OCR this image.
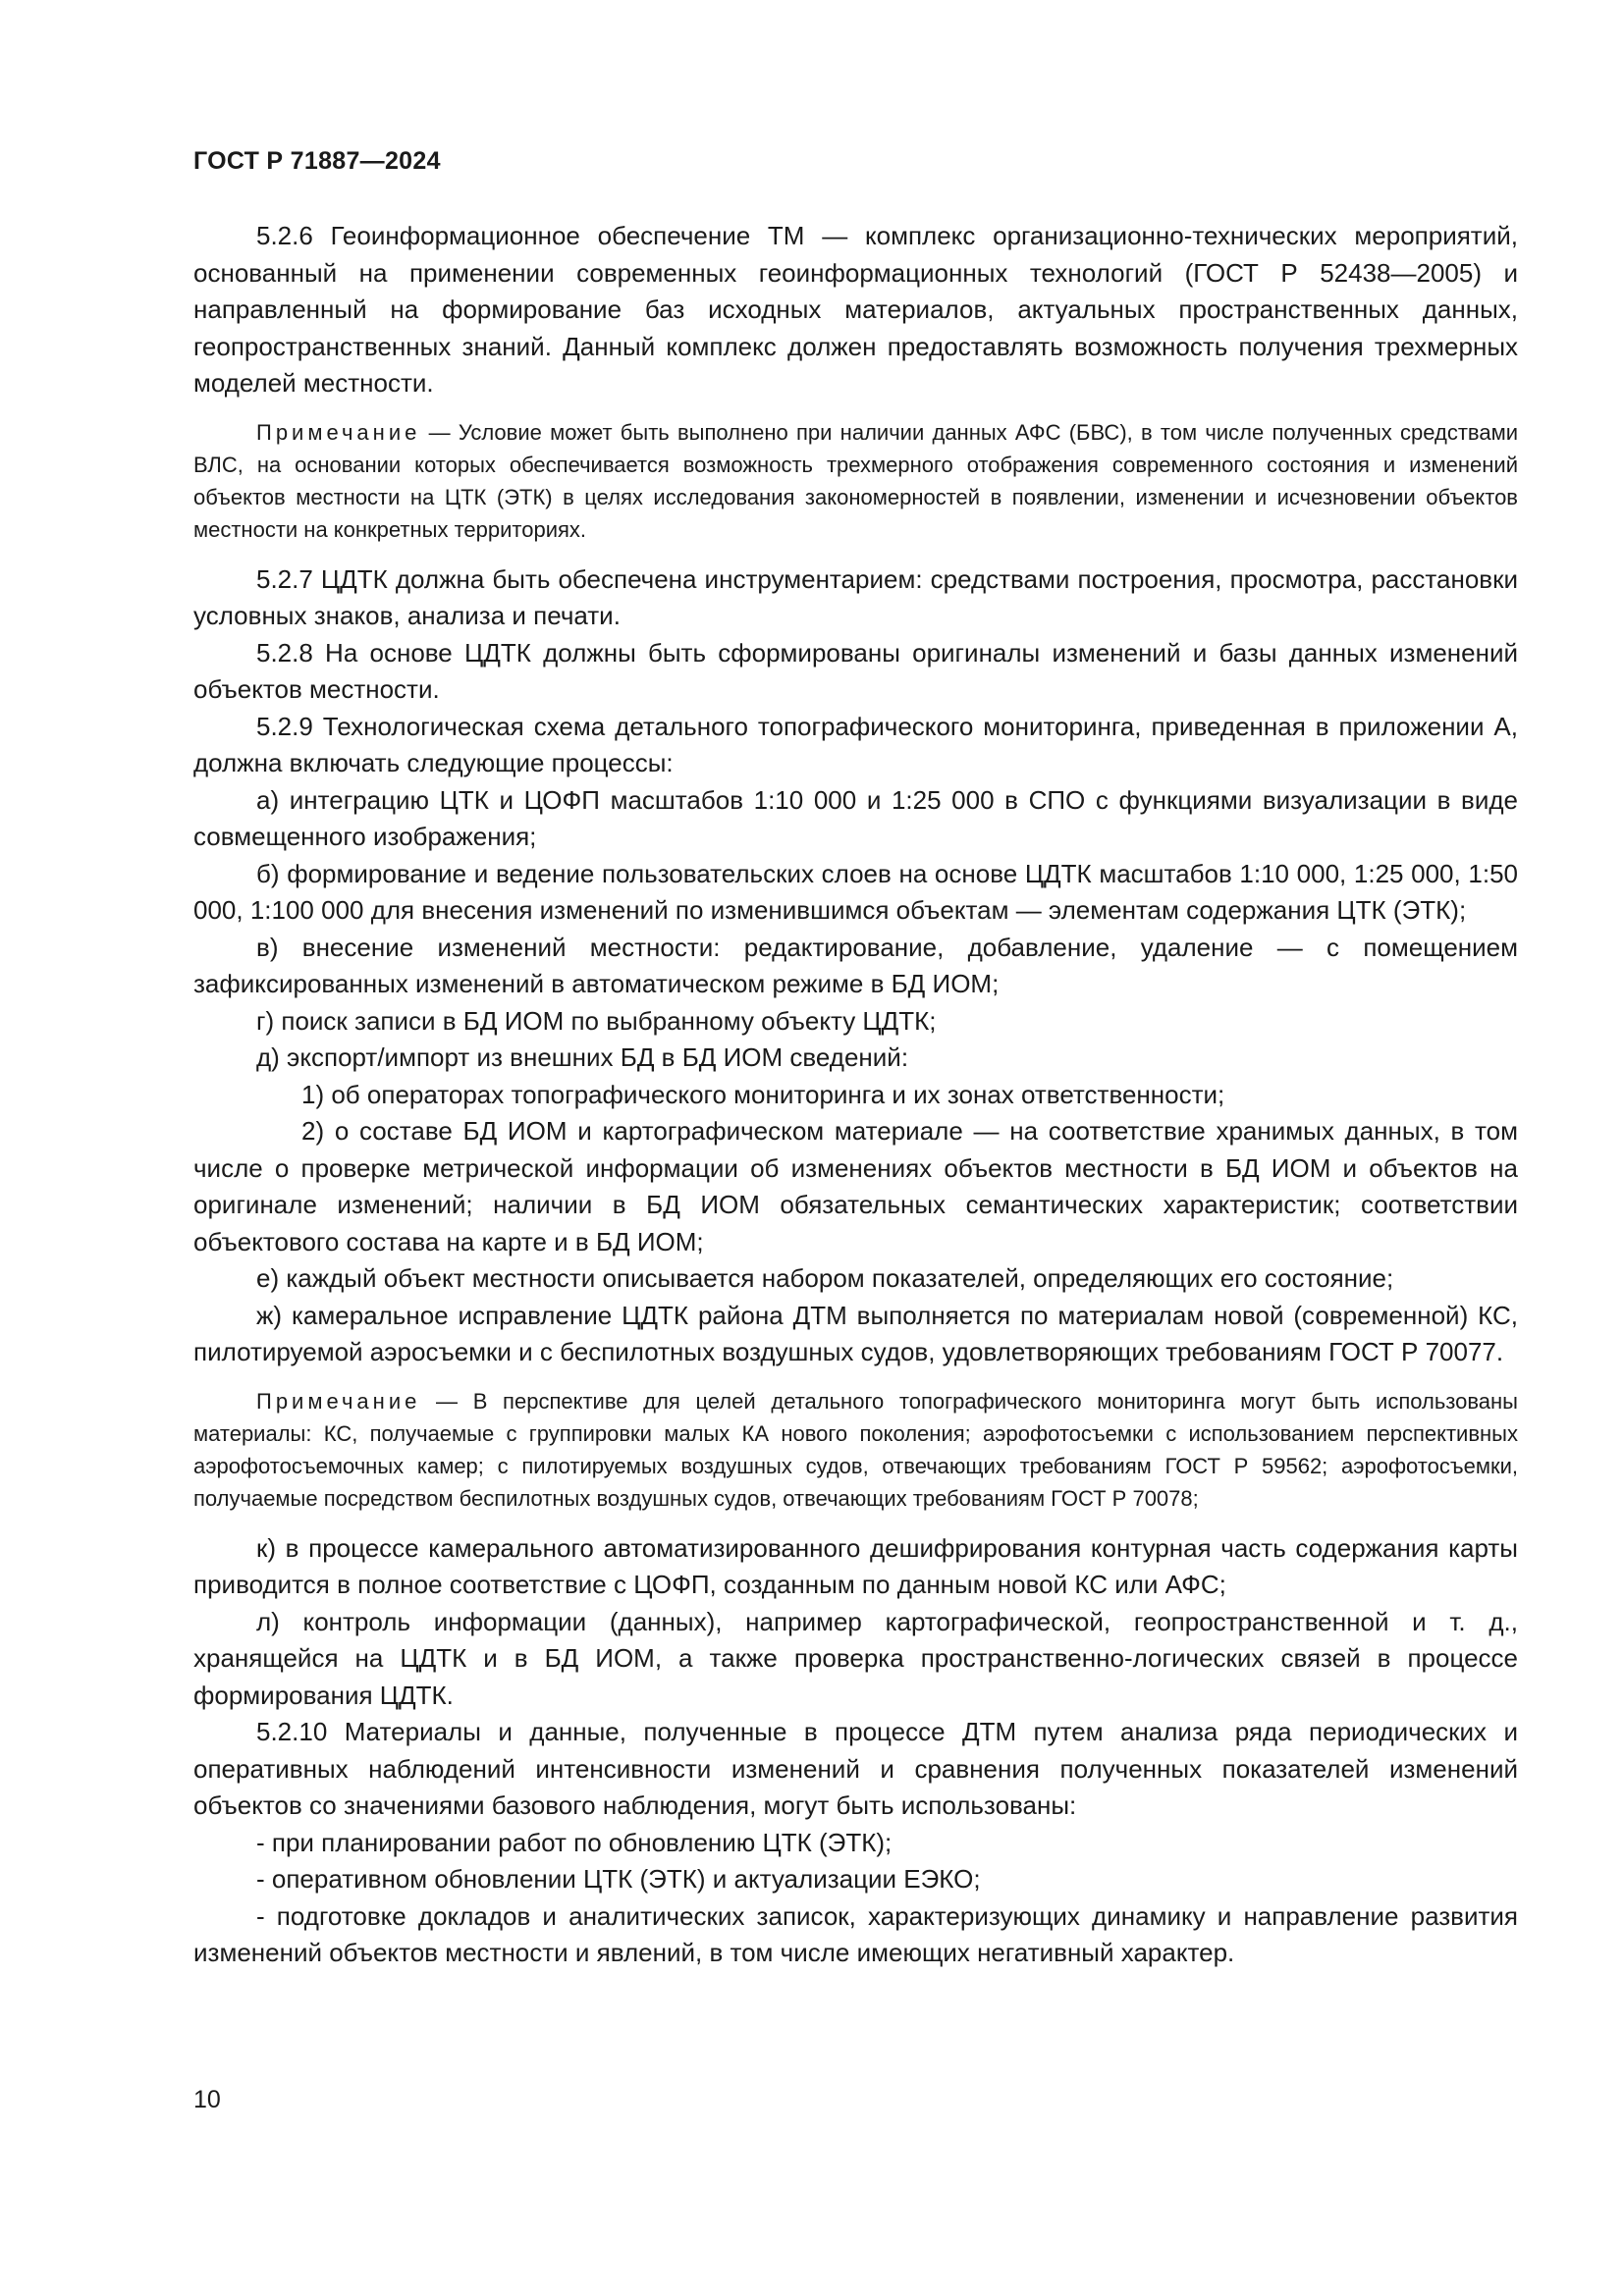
ГОСТ Р 71887—2024

5.2.6 Геоинформационное обеспечение ТМ — комплекс организационно-технических мероприятий, основанный на применении современных геоинформационных технологий (ГОСТ Р 52438—2005) и направленный на формирование баз исходных материалов, актуальных пространственных данных, геопространственных знаний. Данный комплекс должен предоставлять возможность получения трехмерных моделей местности.

Примечание — Условие может быть выполнено при наличии данных АФС (БВС), в том числе полученных средствами ВЛС, на основании которых обеспечивается возможность трехмерного отображения современного состояния и изменений объектов местности на ЦТК (ЭТК) в целях исследования закономерностей в появлении, изменении и исчезновении объектов местности на конкретных территориях.

5.2.7 ЦДТК должна быть обеспечена инструментарием: средствами построения, просмотра, расстановки условных знаков, анализа и печати.

5.2.8 На основе ЦДТК должны быть сформированы оригиналы изменений и базы данных изменений объектов местности.

5.2.9 Технологическая схема детального топографического мониторинга, приведенная в приложении А, должна включать следующие процессы:

а) интеграцию ЦТК и ЦОФП масштабов 1:10 000 и 1:25 000 в СПО с функциями визуализации в виде совмещенного изображения;

б) формирование и ведение пользовательских слоев на основе ЦДТК масштабов 1:10 000, 1:25 000, 1:50 000, 1:100 000 для внесения изменений по изменившимся объектам — элементам содержания ЦТК (ЭТК);

в) внесение изменений местности: редактирование, добавление, удаление — с помещением зафиксированных изменений в автоматическом режиме в БД ИОМ;

г) поиск записи в БД ИОМ по выбранному объекту ЦДТК;

д) экспорт/импорт из внешних БД в БД ИОМ сведений:

1) об операторах топографического мониторинга и их зонах ответственности;

2) о составе БД ИОМ и картографическом материале — на соответствие хранимых данных, в том числе о проверке метрической информации об изменениях объектов местности в БД ИОМ и объектов на оригинале изменений; наличии в БД ИОМ обязательных семантических характеристик; соответствии объектового состава на карте и в БД ИОМ;

е) каждый объект местности описывается набором показателей, определяющих его состояние;

ж) камеральное исправление ЦДТК района ДТМ выполняется по материалам новой (современной) КС, пилотируемой аэросъемки и с беспилотных воздушных судов, удовлетворяющих требованиям ГОСТ Р 70077.

Примечание — В перспективе для целей детального топографического мониторинга могут быть использованы материалы: КС, получаемые с группировки малых КА нового поколения; аэрофотосъемки с использованием перспективных аэрофотосъемочных камер; с пилотируемых воздушных судов, отвечающих требованиям ГОСТ Р 59562; аэрофотосъемки, получаемые посредством беспилотных воздушных судов, отвечающих требованиям ГОСТ Р 70078;

к) в процессе камерального автоматизированного дешифрирования контурная часть содержания карты приводится в полное соответствие с ЦОФП, созданным по данным новой КС или АФС;

л) контроль информации (данных), например картографической, геопространственной и т. д., хранящейся на ЦДТК и в БД ИОМ, а также проверка пространственно-логических связей в процессе формирования ЦДТК.

5.2.10 Материалы и данные, полученные в процессе ДТМ путем анализа ряда периодических и оперативных наблюдений интенсивности изменений и сравнения полученных показателей изменений объектов со значениями базового наблюдения, могут быть использованы:

- при планировании работ по обновлению ЦТК (ЭТК);

- оперативном обновлении ЦТК (ЭТК) и актуализации ЕЭКО;

- подготовке докладов и аналитических записок, характеризующих динамику и направление развития изменений объектов местности и явлений, в том числе имеющих негативный характер.

10
